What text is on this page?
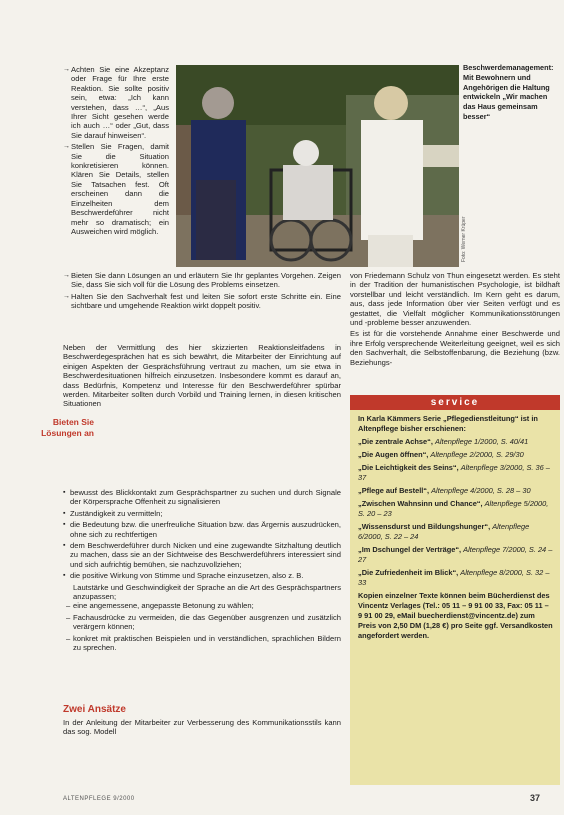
→ Achten Sie eine Akzeptanz oder Frage für Ihre erste Reaktion. Sie sollte positiv sein, etwa: „Ich kann verstehen, dass …“, „Aus Ihrer Sicht gesehen werde ich auch …“ oder „Gut, dass Sie darauf hinweisen“.

→ Stellen Sie Fragen, damit Sie die Situation konkretisieren können. Klären Sie Details, stellen Sie Tatsachen fest. Oft erscheinen dann die Einzelheiten dem Beschwerdeführer nicht mehr so dramatisch; ein Ausweichen wird möglich.	Foto: Werner Krüper
Beschwerdemanagement: Mit Bewohnern und Angehörigen die Haltung entwickeln „Wir machen das Haus gemeinsam besser“

→ Bieten Sie dann Lösungen an und erläutern Sie Ihr geplantes Vorgehen. Zeigen Sie, dass Sie sich voll für die Lösung des Problems einsetzen.

→ Halten Sie den Sachverhalt fest und leiten Sie sofort erste Schritte ein. Eine sichtbare und umgehende Reaktion wirkt doppelt positiv.

Neben der Vermittlung des hier skizzierten Reaktionsleitfadens in Beschwerdegesprächen hat es sich bewährt, die Mitarbeiter der Einrichtung auf einigen Aspekten der Gesprächsführung vertraut zu machen, um sie etwa in Beschwerdesituationen hilfreich einzusetzen. Insbesondere kommt es darauf an, dass Bedürfnis, Kompetenz und Interesse für den Beschwerdeführer spürbar werden. Mitarbeiter sollten durch Vorbild und Training lernen, in diesen kritischen Situationen

Bieten Sie Lösungen an

▪ bewusst des Blickkontakt zum Gesprächspartner zu suchen und durch Signale der Körpersprache Offenheit zu signalisieren

▪ Zuständigkeit zu vermitteln;

▪ die Bedeutung bzw. die unerfreuliche Situation bzw. das Ärgernis auszudrücken, ohne sich zu rechtfertigen

▪ dem Beschwerdeführer durch Nicken und eine zugewandte Sitzhaltung deutlich zu machen, dass sie an der Sichtweise des Beschwerdeführers interessiert sind und sich aufrichtig bemühen, sie nachzuvollziehen;

▪ die positive Wirkung von Stimme und Sprache einzusetzen, also z. B.

Lautstärke und Geschwindigkeit der Sprache an die Art des Gesprächspartners anzupassen;

– eine angemessene, angepasste Betonung zu wählen;

– Fachausdrücke zu vermeiden, die das Gegenüber ausgrenzen und zusätzlich verärgern können;

– konkret mit praktischen Beispielen und in verständlichen, sprachlichen Bildern zu sprechen.

Zwei Ansätze

In der Anleitung der Mitarbeiter zur Verbesserung des Kommunikationsstils kann das sog. Modell

von Friedemann Schulz von Thun eingesetzt werden. Es steht in der Tradition der humanistischen Psychologie, ist bildhaft vorstellbar und leicht verständlich. Im Kern geht es darum, aus, dass jede Information über vier Seiten verfügt und es gestattet, die Vielfalt möglicher Kommunikationsstörungen und -probleme besser anzuwenden.

Es ist für die vorstehende Annahme einer Beschwerde und ihre Erfolg versprechende Weiterleitung geeignet, weil es sich den Sachverhalt, die Selbstoffenbarung, die Beziehung (bzw. Beziehungs-

service

In Karla Kämmers Serie „Pflegedienstleitung“ ist in Altenpflege bisher erschienen:

„Die zentrale Achse“, Altenpflege 1/2000, S. 40/41

„Die Augen öffnen“, Altenpflege 2/2000, S. 29/30

„Die Leichtigkeit des Seins“, Altenpflege 3/2000, S. 36 – 37

„Pflege auf Bestell“, Altenpflege 4/2000, S. 28 – 30

„Zwischen Wahnsinn und Chance“, Altenpflege 5/2000, S. 20 – 23

„Wissensdurst und Bildungshunger“, Altenpflege 6/2000, S. 22 – 24

„Im Dschungel der Verträge“, Altenpflege 7/2000, S. 24 – 27

„Die Zufriedenheit im Blick“, Altenpflege 8/2000, S. 32 – 33

Kopien einzelner Texte können beim Bücherdienst des Vincentz Verlages (Tel.: 05 11 – 9 91 00 33, Fax: 05 11 – 9 91 00 29, eMail buecherdienst@vincentz.de) zum Preis von 2,50 DM (1,28 €) pro Seite ggf. Versandkosten angefordert werden.

ALTENPFLEGE 9/2000	37
